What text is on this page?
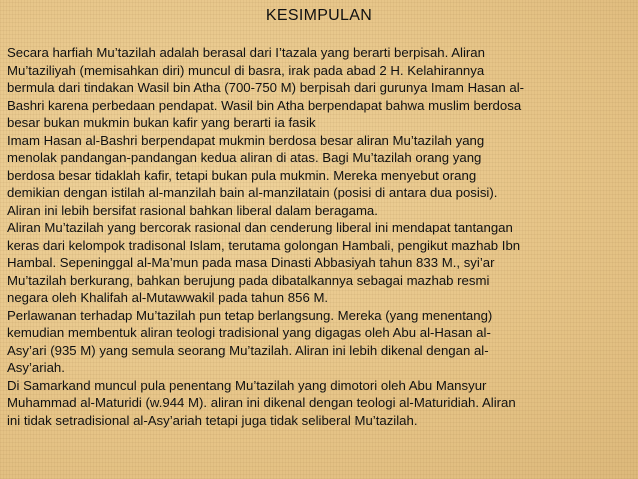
KESIMPULAN
Secara harfiah Mu’tazilah adalah berasal dari I’tazala yang berarti berpisah. Aliran
Mu’taziliyah (memisahkan diri) muncul di basra, irak pada abad 2 H. Kelahirannya
bermula dari tindakan Wasil bin Atha (700-750 M) berpisah dari gurunya Imam Hasan al-
Bashri karena perbedaan pendapat. Wasil bin Atha berpendapat bahwa muslim berdosa
besar bukan mukmin bukan kafir yang berarti ia fasik
Imam Hasan al-Bashri berpendapat mukmin berdosa besar aliran Mu’tazilah yang
menolak pandangan-pandangan kedua aliran di atas. Bagi Mu’tazilah orang yang
berdosa besar tidaklah kafir, tetapi bukan pula mukmin. Mereka menyebut orang
demikian dengan istilah al-manzilah bain al-manzilatain (posisi di antara dua posisi).
Aliran ini lebih bersifat rasional bahkan liberal dalam beragama.
Aliran Mu’tazilah yang bercorak rasional dan cenderung liberal ini mendapat tantangan
keras dari kelompok tradisonal Islam, terutama golongan Hambali, pengikut mazhab Ibn
Hambal. Sepeninggal al-Ma’mun pada masa Dinasti Abbasiyah tahun 833 M., syi’ar
Mu’tazilah berkurang, bahkan berujung pada dibatalkannya sebagai mazhab resmi
negara oleh Khalifah al-Mutawwakil pada tahun 856 M.
Perlawanan terhadap Mu’tazilah pun tetap berlangsung. Mereka (yang menentang)
kemudian membentuk aliran teologi tradisional yang digagas oleh Abu al-Hasan al-
Asy’ari (935 M) yang semula seorang Mu’tazilah. Aliran ini lebih dikenal dengan al-
Asy’ariah.
Di Samarkand muncul pula penentang Mu’tazilah yang dimotori oleh Abu Mansyur
Muhammad al-Maturidi (w.944 M). aliran ini dikenal dengan teologi al-Maturidiah. Aliran
ini tidak setradisional al-Asy’ariah tetapi juga tidak seliberal Mu’tazilah.
